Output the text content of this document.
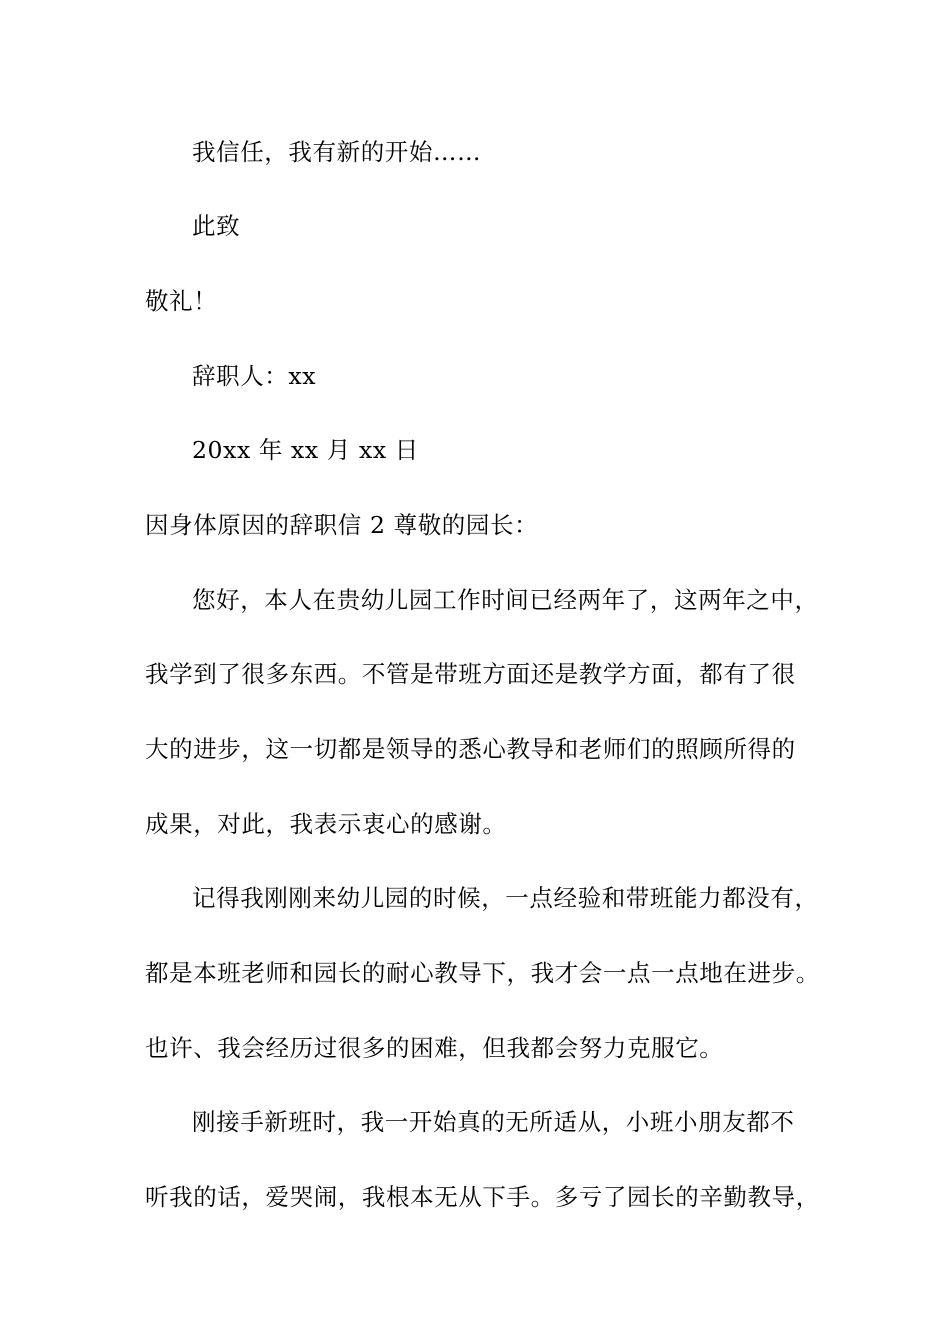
我信任，我有新的开始……
此致
敬礼！
辞职人：xx
20xx 年 xx 月 xx 日
因身体原因的辞职信 2 尊敬的园长：
您好，本人在贵幼儿园工作时间已经两年了，这两年之中，
我学到了很多东西。不管是带班方面还是教学方面，都有了很
大的进步，这一切都是领导的悉心教导和老师们的照顾所得的
成果，对此，我表示衷心的感谢。
记得我刚刚来幼儿园的时候，一点经验和带班能力都没有，
都是本班老师和园长的耐心教导下，我才会一点一点地在进步。
也许、我会经历过很多的困难，但我都会努力克服它。
刚接手新班时，我一开始真的无所适从，小班小朋友都不
听我的话，爱哭闹，我根本无从下手。多亏了园长的辛勤教导，
